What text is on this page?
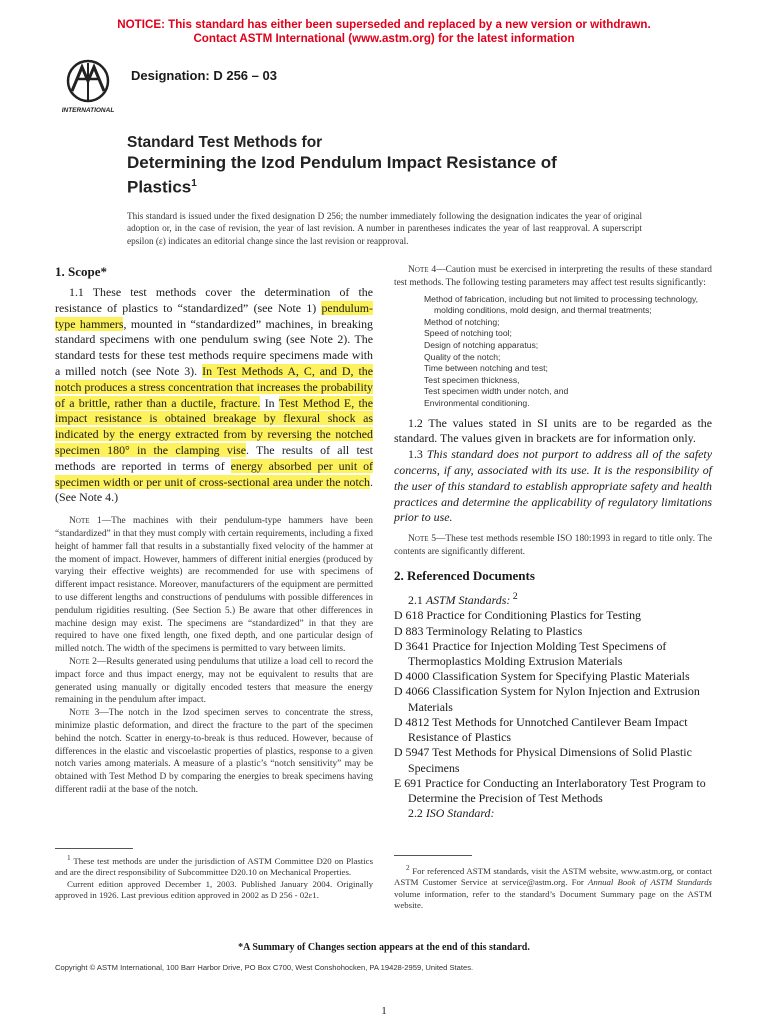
NOTICE: This standard has either been superseded and replaced by a new version or withdrawn.
Contact ASTM International (www.astm.org) for the latest information
INTERNATIONAL
Designation: D 256 – 03
Standard Test Methods for
Determining the Izod Pendulum Impact Resistance of
Plastics$^1$
This standard is issued under the fixed designation D 256; the number immediately following the designation indicates the year of original adoption or, in the case of revision, the year of last revision. A number in parentheses indicates the year of last reapproval. A superscript epsilon (ε) indicates an editorial change since the last revision or reapproval.
1. Scope*

1.1 These test methods cover the determination of the resistance of plastics to “standardized” (see Note 1) pendulum-type hammers, mounted in “standardized” machines, in breaking standard specimens with one pendulum swing (see Note 2). The standard tests for these test methods require specimens made with a milled notch (see Note 3). In Test Methods A, C, and D, the notch produces a stress concentration that increases the probability of a brittle, rather than a ductile, fracture. In Test Method E, the impact resistance is obtained breakage by flexural shock as indicated by the energy extracted from by reversing the notched specimen 180° in the clamping vise. The results of all test methods are reported in terms of energy absorbed per unit of specimen width or per unit of cross-sectional area under the notch. (See Note 4.)

Note 1—The machines with their pendulum-type hammers have been “standardized” in that they must comply with certain requirements, including a fixed height of hammer fall that results in a substantially fixed velocity of the hammer at the moment of impact. However, hammers of different initial energies (produced by varying their effective weights) are recommended for use with specimens of different impact resistance. Moreover, manufacturers of the equipment are permitted to use different lengths and constructions of pendulums with possible differences in pendulum rigidities resulting. (See Section 5.) Be aware that other differences in machine design may exist. The specimens are “standardized” in that they are required to have one fixed length, one fixed depth, and one particular design of milled notch. The width of the specimens is permitted to vary between limits.

Note 2—Results generated using pendulums that utilize a load cell to record the impact force and thus impact energy, may not be equivalent to results that are generated using manually or digitally encoded testers that measure the energy remaining in the pendulum after impact.

Note 3—The notch in the Izod specimen serves to concentrate the stress, minimize plastic deformation, and direct the fracture to the part of the specimen behind the notch. Scatter in energy-to-break is thus reduced. However, because of differences in the elastic and viscoelastic properties of plastics, response to a given notch varies among materials. A measure of a plastic’s “notch sensitivity” may be obtained with Test Method D by comparing the energies to break specimens having different radii at the base of the notch.

Note 4—Caution must be exercised in interpreting the results of these standard test methods. The following testing parameters may affect test results significantly:

Method of fabrication, including but not limited to processing technology, molding conditions, mold design, and thermal treatments;
Method of notching;
Speed of notching tool;
Design of notching apparatus;
Quality of the notch;
Time between notching and test;
Test specimen thickness,
Test specimen width under notch, and
Environmental conditioning.

1.2 The values stated in SI units are to be regarded as the standard. The values given in brackets are for information only.

1.3 This standard does not purport to address all of the safety concerns, if any, associated with its use. It is the responsibility of the user of this standard to establish appropriate safety and health practices and determine the applicability of regulatory limitations prior to use.

Note 5—These test methods resemble ISO 180:1993 in regard to title only. The contents are significantly different.

2. Referenced Documents

2.1 ASTM Standards: $^2$

D 618 Practice for Conditioning Plastics for Testing
D 883 Terminology Relating to Plastics
D 3641 Practice for Injection Molding Test Specimens of Thermoplastics Molding Extrusion Materials
D 4000 Classification System for Specifying Plastic Materials
D 4066 Classification System for Nylon Injection and Extrusion Materials
D 4812 Test Methods for Unnotched Cantilever Beam Impact Resistance of Plastics
D 5947 Test Methods for Physical Dimensions of Solid Plastic Specimens
E 691 Practice for Conducting an Interlaboratory Test Program to Determine the Precision of Test Methods

2.2 ISO Standard:

$^1$ These test methods are under the jurisdiction of ASTM Committee D20 on Plastics and are the direct responsibility of Subcommittee D20.10 on Mechanical Properties.
Current edition approved December 1, 2003. Published January 2004. Originally approved in 1926. Last previous edition approved in 2002 as D 256 - 02ε1.
$^2$ For referenced ASTM standards, visit the ASTM website, www.astm.org, or contact ASTM Customer Service at service@astm.org. For Annual Book of ASTM Standards volume information, refer to the standard’s Document Summary page on the ASTM website.
*A Summary of Changes section appears at the end of this standard.
Copyright © ASTM International, 100 Barr Harbor Drive, PO Box C700, West Conshohocken, PA 19428-2959, United States.
1
